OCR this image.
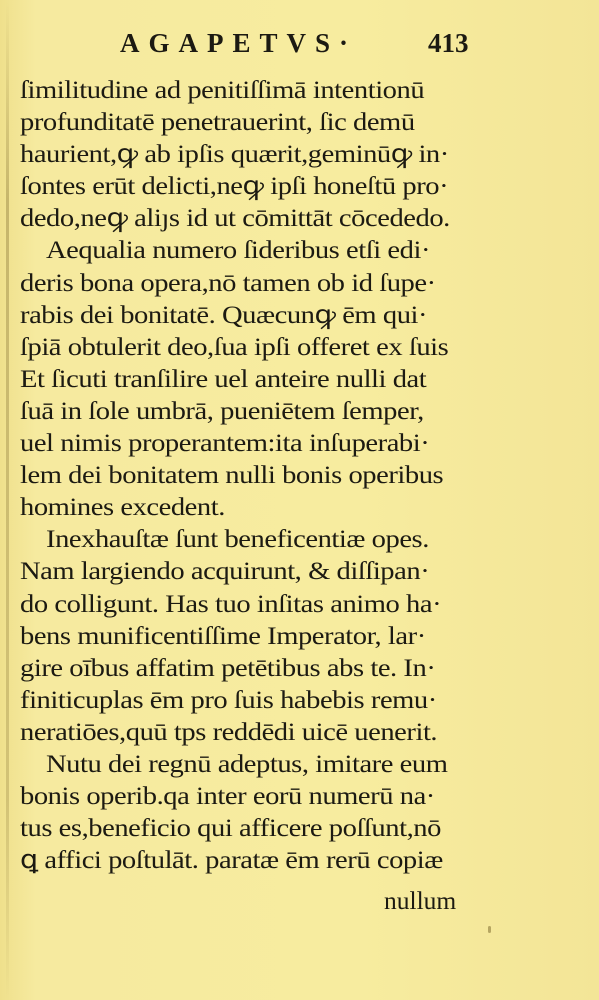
AGAPETVS·	413
ſimilitudine ad penitiſſimā intentionū
profunditatē penetrauerint, ſic demū
haurient,ꝙ ab ipſis quærit,geminūꝙ in·
ſontes erūt delicti,neꝙ ipſi honeſtū pro·
dedo,neꝙ aliȷs id ut cōmittāt cōcededo.
Aequalia numero ſideribus etſi edi·
deris bona opera,nō tamen ob id ſupe·
rabis dei bonitatē. Quæcunꝙ ēm qui·
ſpiā obtulerit deo,ſua ipſi offeret ex ſuis
Et ſicuti tranſilire uel anteire nulli dat
ſuā in ſole umbrā, pueniētem ſemper,
uel nimis properantem:ita inſuperabi·
lem dei bonitatem nulli bonis operibus
homines excedent.
Inexhauſtæ ſunt beneficentiæ opes.
Nam largiendo acquirunt, & diſſipan·
do colligunt. Has tuo inſitas animo ha·
bens munificentiſſime Imperator, lar·
gire oībus affatim petētibus abs te. In·
finiticuplas ēm pro ſuis habebis remu·
neratiōes,quū tps reddēdi uicē uenerit.
Nutu dei regnū adeptus, imitare eum
bonis operib.qa inter eorū numerū na·
tus es,beneficio qui afficere poſſunt,nō
ꝗ affici poſtulāt. paratæ ēm rerū copiæ
nullum
